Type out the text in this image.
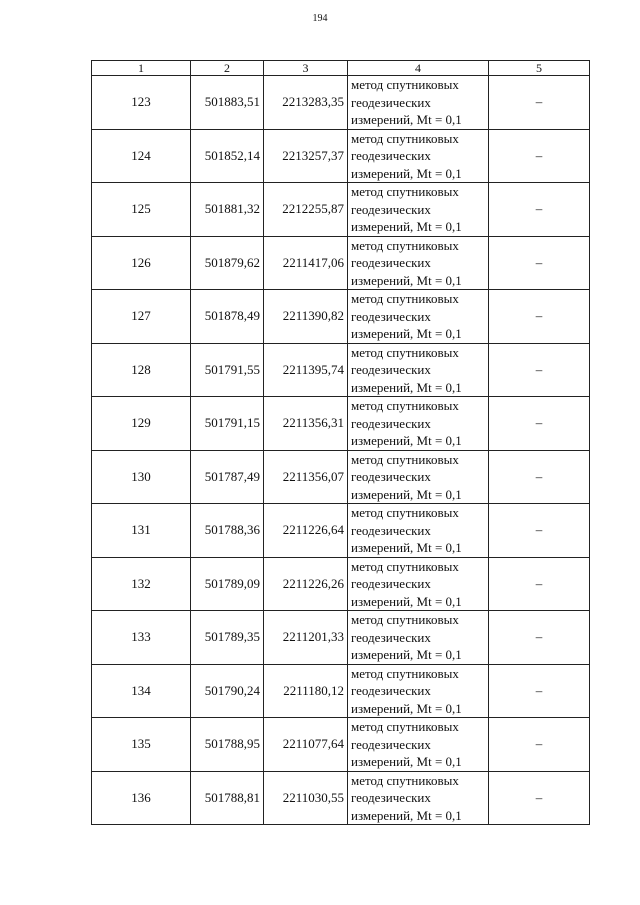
194
1	2	3	4	5
123	501883,51	2213283,35	метод спутниковых
геодезических
измерений, Mt = 0,1	–
124	501852,14	2213257,37	метод спутниковых
геодезических
измерений, Mt = 0,1	–
125	501881,32	2212255,87	метод спутниковых
геодезических
измерений, Mt = 0,1	–
126	501879,62	2211417,06	метод спутниковых
геодезических
измерений, Mt = 0,1	–
127	501878,49	2211390,82	метод спутниковых
геодезических
измерений, Mt = 0,1	–
128	501791,55	2211395,74	метод спутниковых
геодезических
измерений, Mt = 0,1	–
129	501791,15	2211356,31	метод спутниковых
геодезических
измерений, Mt = 0,1	–
130	501787,49	2211356,07	метод спутниковых
геодезических
измерений, Mt = 0,1	–
131	501788,36	2211226,64	метод спутниковых
геодезических
измерений, Mt = 0,1	–
132	501789,09	2211226,26	метод спутниковых
геодезических
измерений, Mt = 0,1	–
133	501789,35	2211201,33	метод спутниковых
геодезических
измерений, Mt = 0,1	–
134	501790,24	2211180,12	метод спутниковых
геодезических
измерений, Mt = 0,1	–
135	501788,95	2211077,64	метод спутниковых
геодезических
измерений, Mt = 0,1	–
136	501788,81	2211030,55	метод спутниковых
геодезических
измерений, Mt = 0,1	–
